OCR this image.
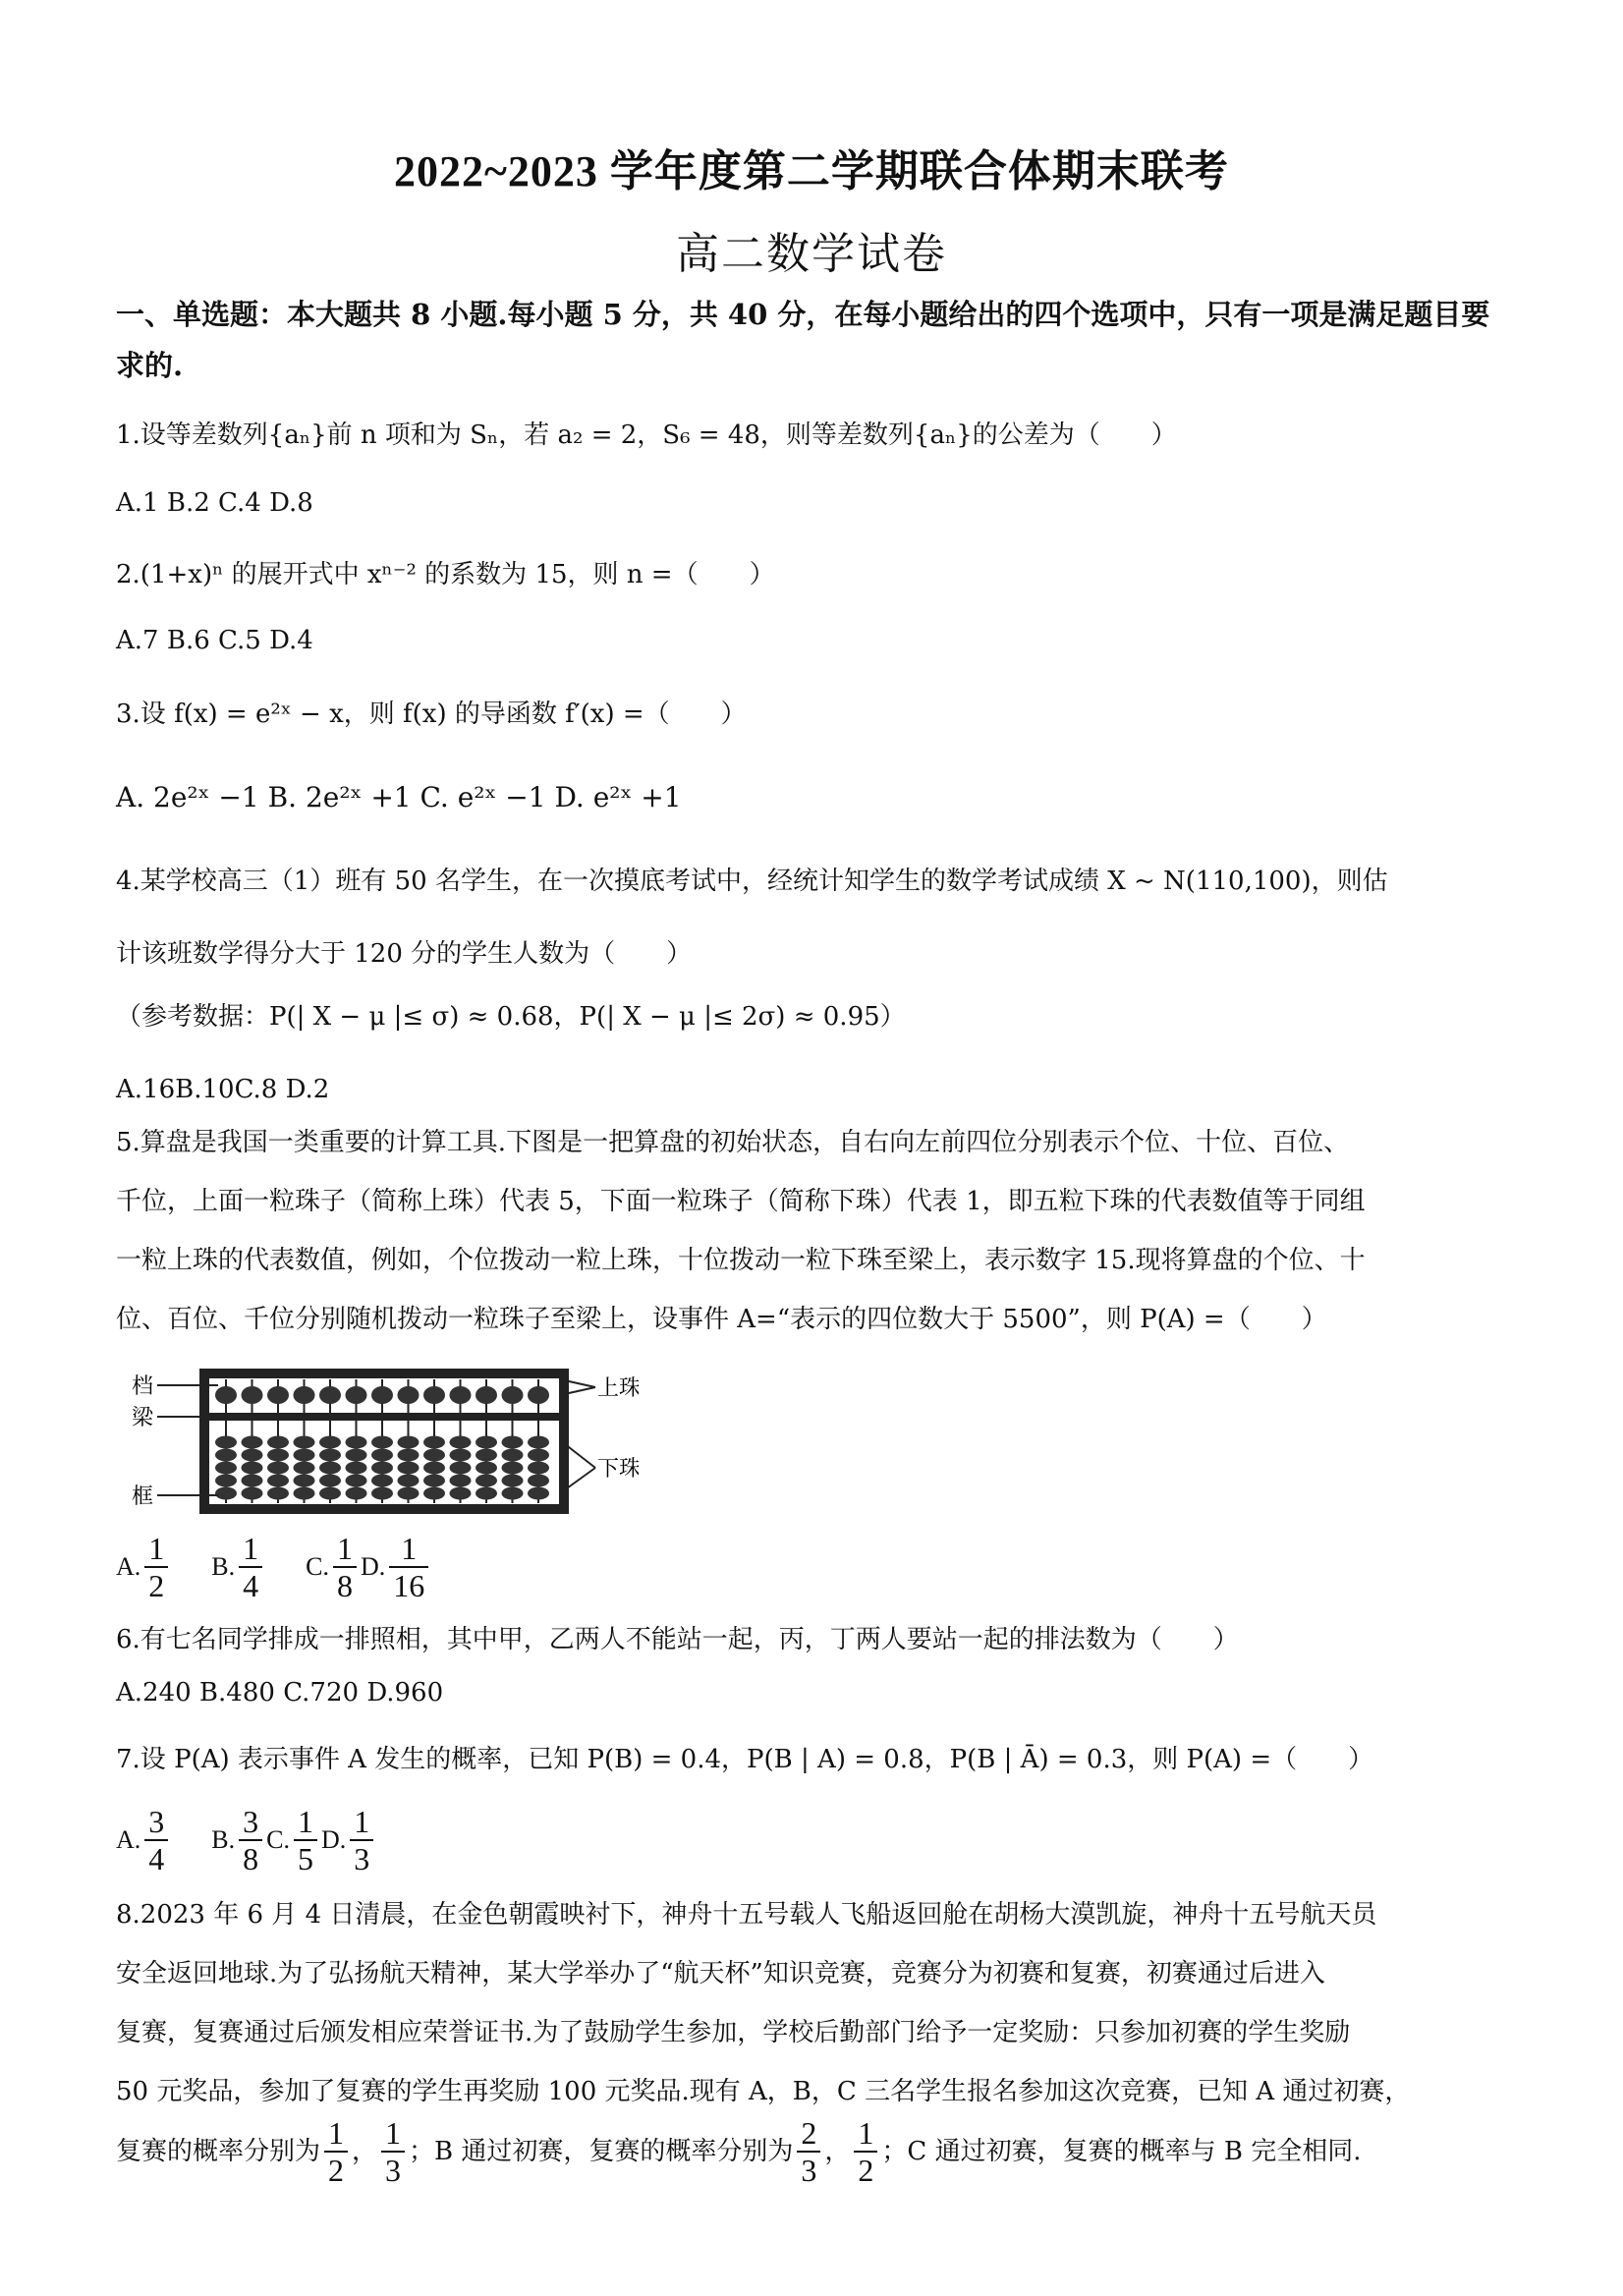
2022~2023 学年度第二学期联合体期末联考
高二数学试卷
一、单选题：本大题共 8 小题.每小题 5 分，共 40 分，在每小题给出的四个选项中，只有一项是满足题目要求的.
1.设等差数列{aₙ}前 n 项和为 Sₙ，若 a₂ = 2，S₆ = 48，则等差数列{aₙ}的公差为（　　）
A.1 B.2 C.4 D.8
2.(1+x)ⁿ 的展开式中 xⁿ⁻² 的系数为 15，则 n =（　　）
A.7 B.6 C.5 D.4
3.设 f(x) = e²ˣ − x，则 f(x) 的导函数 f′(x) =（　　）
A. 2e²ˣ −1 B. 2e²ˣ +1 C. e²ˣ −1 D. e²ˣ +1
4.某学校高三（1）班有 50 名学生，在一次摸底考试中，经统计知学生的数学考试成绩 X ~ N(110,100)，则估
计该班数学得分大于 120 分的学生人数为（　　）
（参考数据：P(| X − μ |≤ σ) ≈ 0.68，P(| X − μ |≤ 2σ) ≈ 0.95）
A.16B.10C.8 D.2
5.算盘是我国一类重要的计算工具.下图是一把算盘的初始状态，自右向左前四位分别表示个位、十位、百位、
千位，上面一粒珠子（简称上珠）代表 5，下面一粒珠子（简称下珠）代表 1，即五粒下珠的代表数值等于同组
一粒上珠的代表数值，例如，个位拨动一粒上珠，十位拨动一粒下珠至梁上，表示数字 15.现将算盘的个位、十
位、百位、千位分别随机拨动一粒珠子至梁上，设事件 A=“表示的四位数大于 5500”，则 P(A) =（　　）
档
梁
框
上珠
下珠
A. $\frac{1}{2} B$. $\frac{1}{4} C$. $\frac{1}{8} D$. $\frac{1}{16}$
6.有七名同学排成一排照相，其中甲，乙两人不能站一起，丙，丁两人要站一起的排法数为（　　）
A.240 B.480 C.720 D.960
7.设 P(A) 表示事件 A 发生的概率，已知 P(B) = 0.4，P(B | A) = 0.8，P(B | Ā) = 0.3，则 P(A) =（　　）
A. $\frac{3}{4} B$. $\frac{3}{8} C$. $\frac{1}{5} D$. $\frac{1}{3}$
8.2023 年 6 月 4 日清晨，在金色朝霞映衬下，神舟十五号载人飞船返回舱在胡杨大漠凯旋，神舟十五号航天员
安全返回地球.为了弘扬航天精神，某大学举办了“航天杯”知识竞赛，竞赛分为初赛和复赛，初赛通过后进入
复赛，复赛通过后颁发相应荣誉证书.为了鼓励学生参加，学校后勤部门给予一定奖励：只参加初赛的学生奖励
50 元奖品，参加了复赛的学生再奖励 100 元奖品.现有 A，B，C 三名学生报名参加这次竞赛，已知 A 通过初赛，
复赛的概率分别为 $\frac{1}{2}$ ， $\frac{1}{3}$ ；B 通过初赛，复赛的概率分别为 $\frac{2}{3}$ ， $\frac{1}{2}$ ；C 通过初赛，复赛的概率与 B 完全相同.
